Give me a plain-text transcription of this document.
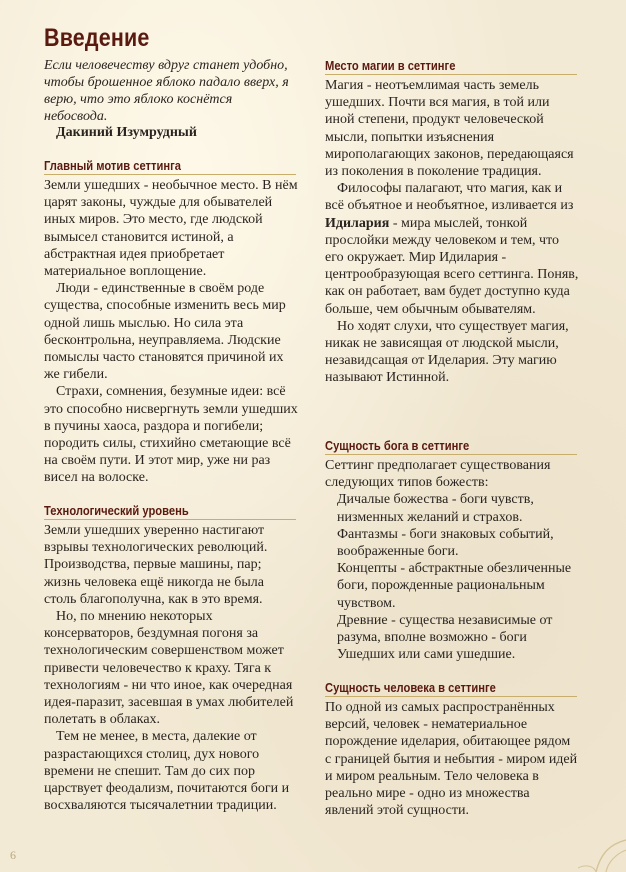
Введение

Если человечеству вдруг станет удобно, чтобы брошенное яблоко падало вверх, я верю, что это яблоко коснётся небосвода.

Дакиний Изумрудный

Главный мотив сеттинга

Земли ушедших - необычное место. В нём царят законы, чуждые для обывателей иных миров. Это место, где людской вымысел становится истиной, а абстрактная идея приобретает материальное воплощение.

Люди - единственные в своём роде существа, способные изменить весь мир одной лишь мыслью. Но сила эта бесконтрольна, неуправляема. Людские помыслы часто становятся причиной их же гибели.

Страхи, сомнения, безумные идеи: всё это способно нисвергнуть земли ушедших в пучины хаоса, раздора и погибели; породить силы, стихийно сметающие всё на своём пути. И этот мир, уже ни раз висел на волоске.

Технологический уровень

Земли ушедших уверенно настигают взрывы технологических революций. Производства, первые машины, пар; жизнь человека ещё никогда не была столь благополучна, как в это время.

Но, по мнению некоторых консерваторов, бездумная погоня за технологическим совершенством может привести человечество к краху. Тяга к технологиям - ни что иное, как очередная идея-паразит, засевшая в умах любителей полетать в облаках.

Тем не менее, в места, далекие от разрастающихся столиц, дух нового времени не спешит. Там до сих пор царствует феодализм, почитаются боги и восхваляются тысячалетнии традиции.

Место магии в сеттинге

Магия - неотъемлимая часть земель ушедших. Почти вся магия, в той или иной степени, продукт человеческой мысли, попытки изъяснения мирополагающих законов, передающаяся из поколения в поколение традиция.

Философы палагают, что магия, как и всё объятное и необъятное, изливается из Идилария - мира мыслей, тонкой прослойки между человеком и тем, что его окружает. Мир Идилария - центрообразующая всего сеттинга. Поняв, как он работает, вам будет доступно куда больше, чем обычным обывателям.

Но ходят слухи, что существует магия, никак не зависящая от людской мысли, незавидсащая от Иделария. Эту магию называют Истинной.

Сущность бога в сеттинге

Сеттинг предполагает существования следующих типов божеств:

Дичалые божества - боги чувств, низменных желаний и страхов.

Фантазмы - боги знаковых событий, воображенные боги.

Концепты - абстрактные обезличенные боги, порожденные рациональным чувством.

Древние - существа независимые от разума, вполне возможно - боги Ушедших или сами ушедшие.

Сущность человека в сеттинге

По одной из самых распространённых версий, человек - нематериальное порождение иделария, обитающее рядом с границей бытия и небытия - миром идей и миром реальным. Тело человека в реально мире - одно из множества явлений этой сущности.

6
